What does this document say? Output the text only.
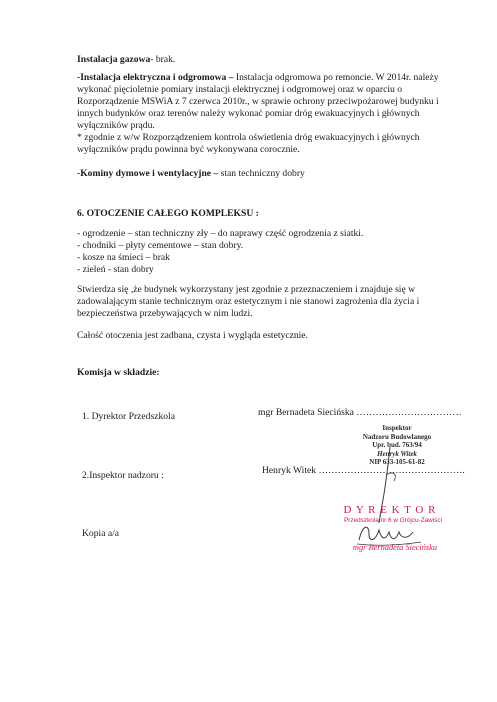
Instalacja gazowa- brak.
-Instalacja elektryczna i odgromowa – Instalacja odgromowa po remoncie. W 2014r. należy
wykonać pięcioletnie pomiary instalacji elektrycznej i odgromowej oraz w oparciu o
Rozporządzenie MSWiA z 7 czerwca 2010r., w sprawie ochrony przeciwpożarowej budynku i
innych budynków oraz terenów należy wykonać pomiar dróg ewakuacyjnych i głównych
wyłączników prądu.
* zgodnie z w/w Rozporządzeniem kontrola oświetlenia dróg ewakuacyjnych i głównych
wyłączników prądu powinna być wykonywana corocznie.
-Kominy dymowe i wentylacyjne – stan techniczny dobry
6. OTOCZENIE CAŁEGO KOMPLEKSU :
- ogrodzenie – stan techniczny zły – do naprawy część ogrodzenia z siatki.
- chodniki – płyty cementowe – stan dobry.
- kosze na śmieci – brak
- zieleń - stan dobry
Stwierdza się ,że budynek wykorzystany jest zgodnie z przeznaczeniem i znajduje się w
zadowalającym stanie technicznym oraz estetycznym i nie stanowi zagrożenia dla życia i
bezpieczeństwa przebywających w nim ludzi.
Całość otoczenia jest zadbana, czysta i wygląda estetycznie.
Komisja w składzie:
1. Dyrektor Przedszkola	mgr Bernadeta Siecińska ……………………………
Inspektor
Nadzoru Budowlanego
Upr. bud. 763/94
Henryk Witek
NIP 633-105-61-82
2.Inspektor nadzoru :	Henryk Witek ……………………………………….
D Y R E K T O R
Przedszkola nr 6 w Grójcu-Zawiści
mgr Bernadeta Siecińska
Kopia a/a
